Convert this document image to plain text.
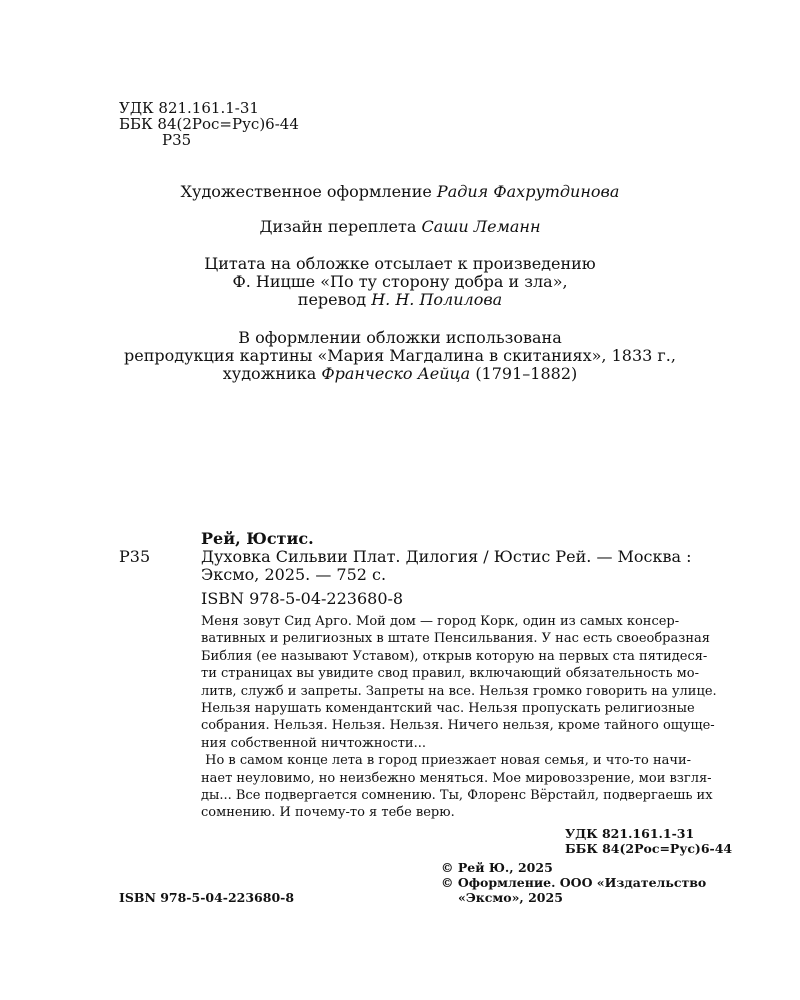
УДК 821.161.1-31
ББК 84(2Рос=Рус)6-44
Р35
Художественное оформление Радия Фахрутдинова
Дизайн переплета Саши Леманн
Цитата на обложке отсылает к произведению
Ф. Ницше «По ту сторону добра и зла»,
перевод Н. Н. Полилова
В оформлении обложки использована
репродукция картины «Мария Магдалина в скитаниях», 1833 г.,
художника Франческо Аейца (1791–1882)
Рей, Юстис.
Р35	Духовка Сильвии Плат. Дилогия / Юстис Рей. — Москва :
Эксмо, 2025. — 752 с.
ISBN 978-5-04-223680-8

Меня зовут Сид Арго. Мой дом — город Корк, один из самых консер-
вативных и религиозных в штате Пенсильвания. У нас есть своеобразная
Библия (ее называют Уставом), открыв которую на первых ста пятидеся-
ти страницах вы увидите свод правил, включающий обязательность мо-
литв, служб и запреты. Запреты на все. Нельзя громко говорить на улице.
Нельзя нарушать комендантский час. Нельзя пропускать религиозные
собрания. Нельзя. Нельзя. Нельзя. Ничего нельзя, кроме тайного ощуще-
ния собственной ничтожности...

Но в самом конце лета в город приезжает новая семья, и что-то начи-
нает неуловимо, но неизбежно меняться. Мое мировоззрение, мои взгля-
ды... Все подвергается сомнению. Ты, Флоренс Вёрстайл, подвергаешь их
сомнению. И почему-то я тебе верю.

УДК 821.161.1-31
ББК 84(2Рос=Рус)6-44
© Рей Ю., 2025
© Оформление. ООО «Издательство
«Эксмо», 2025
ISBN 978-5-04-223680-8
